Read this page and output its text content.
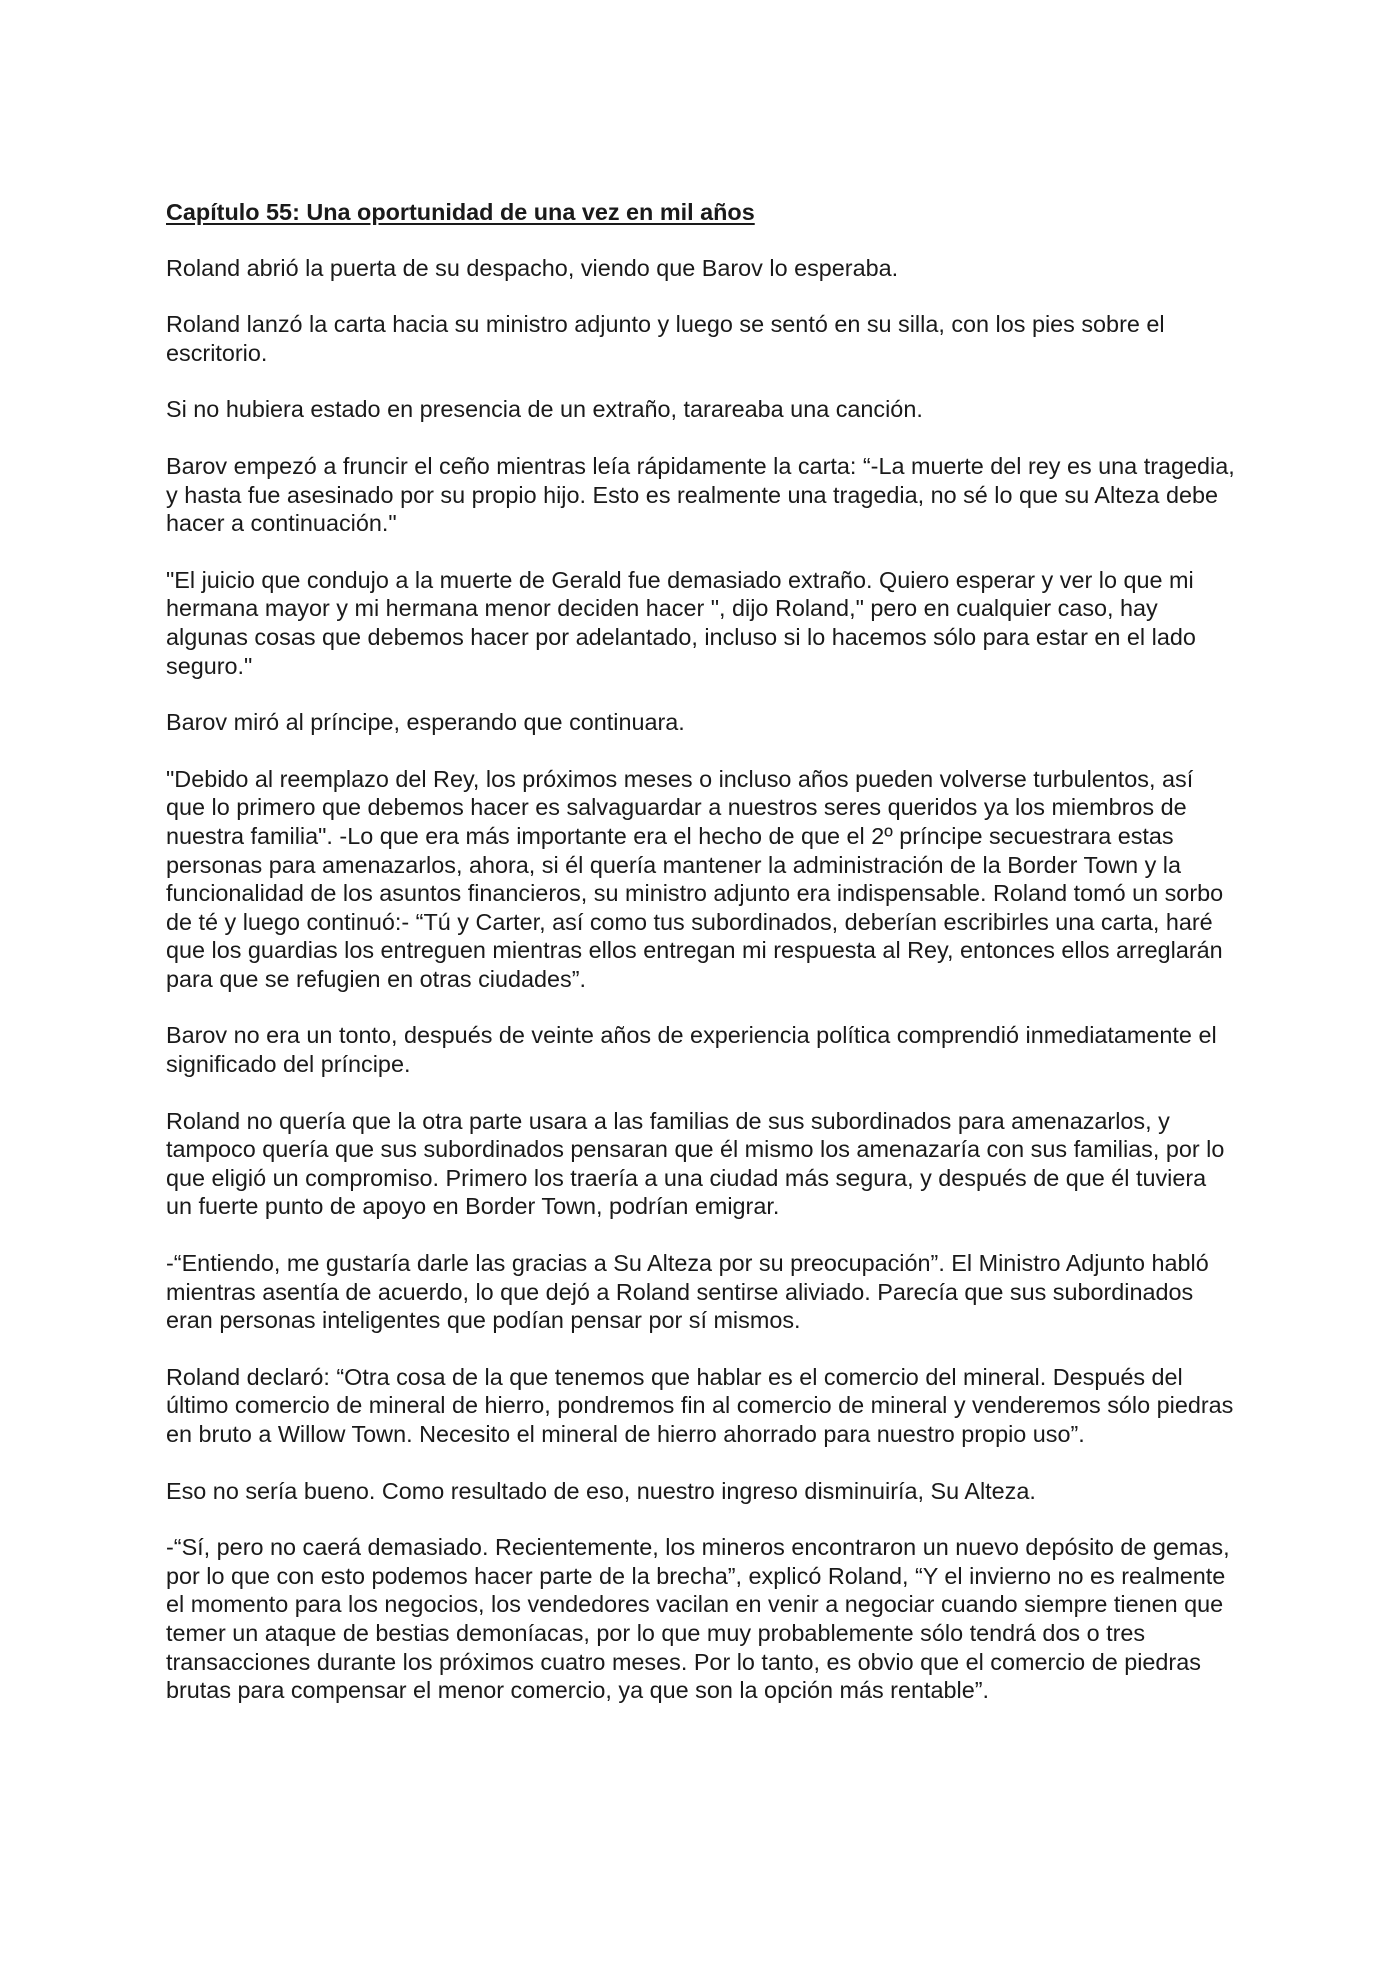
Capítulo 55: Una oportunidad de una vez en mil años

Roland abrió la puerta de su despacho, viendo que Barov lo esperaba.

Roland lanzó la carta hacia su ministro adjunto y luego se sentó en su silla, con los pies sobre el escritorio.

Si no hubiera estado en presencia de un extraño, tarareaba una canción.

Barov empezó a fruncir el ceño mientras leía rápidamente la carta: “-La muerte del rey es una tragedia, y hasta fue asesinado por su propio hijo. Esto es realmente una tragedia, no sé lo que su Alteza debe hacer a continuación."

"El juicio que condujo a la muerte de Gerald fue demasiado extraño. Quiero esperar y ver lo que mi hermana mayor y mi hermana menor deciden hacer ", dijo Roland," pero en cualquier caso, hay algunas cosas que debemos hacer por adelantado, incluso si lo hacemos sólo para estar en el lado seguro."

Barov miró al príncipe, esperando que continuara.

"Debido al reemplazo del Rey, los próximos meses o incluso años pueden volverse turbulentos, así que lo primero que debemos hacer es salvaguardar a nuestros seres queridos ya los miembros de nuestra familia". -Lo que era más importante era el hecho de que el 2º príncipe secuestrara estas personas para amenazarlos, ahora, si él quería mantener la administración de la Border Town y la funcionalidad de los asuntos financieros, su ministro adjunto era indispensable. Roland tomó un sorbo de té y luego continuó:- “Tú y Carter, así como tus subordinados, deberían escribirles una carta, haré que los guardias los entreguen mientras ellos entregan mi respuesta al Rey, entonces ellos arreglarán para que se refugien en otras ciudades”.

Barov no era un tonto, después de veinte años de experiencia política comprendió inmediatamente el significado del príncipe.

Roland no quería que la otra parte usara a las familias de sus subordinados para amenazarlos, y tampoco quería que sus subordinados pensaran que él mismo los amenazaría con sus familias, por lo que eligió un compromiso. Primero los traería a una ciudad más segura, y después de que él tuviera un fuerte punto de apoyo en Border Town, podrían emigrar.

-“Entiendo, me gustaría darle las gracias a Su Alteza por su preocupación”. El Ministro Adjunto habló mientras asentía de acuerdo, lo que dejó a Roland sentirse aliviado. Parecía que sus subordinados eran personas inteligentes que podían pensar por sí mismos.

Roland declaró: “Otra cosa de la que tenemos que hablar es el comercio del mineral. Después del último comercio de mineral de hierro, pondremos fin al comercio de mineral y venderemos sólo piedras en bruto a Willow Town. Necesito el mineral de hierro ahorrado para nuestro propio uso”.

Eso no sería bueno. Como resultado de eso, nuestro ingreso disminuiría, Su Alteza.

-“Sí, pero no caerá demasiado. Recientemente, los mineros encontraron un nuevo depósito de gemas, por lo que con esto podemos hacer parte de la brecha”, explicó Roland, “Y el invierno no es realmente el momento para los negocios, los vendedores vacilan en venir a negociar cuando siempre tienen que temer un ataque de bestias demoníacas, por lo que muy probablemente sólo tendrá dos o tres transacciones durante los próximos cuatro meses. Por lo tanto, es obvio que el comercio de piedras brutas para compensar el menor comercio, ya que son la opción más rentable”.
